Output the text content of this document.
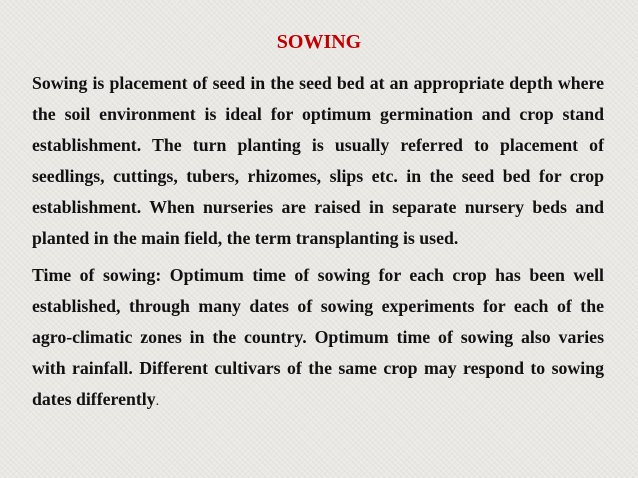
SOWING

Sowing is placement of seed in the seed bed at an appropriate depth where the soil environment is ideal for optimum germination and crop stand establishment. The turn planting is usually referred to placement of seedlings, cuttings, tubers, rhizomes, slips etc. in the seed bed for crop establishment. When nurseries are raised in separate nursery beds and planted in the main field, the term transplanting is used.

Time of sowing: Optimum time of sowing for each crop has been well established, through many dates of sowing experiments for each of the agro-climatic zones in the country. Optimum time of sowing also varies with rainfall. Different cultivars of the same crop may respond to sowing dates differently.
